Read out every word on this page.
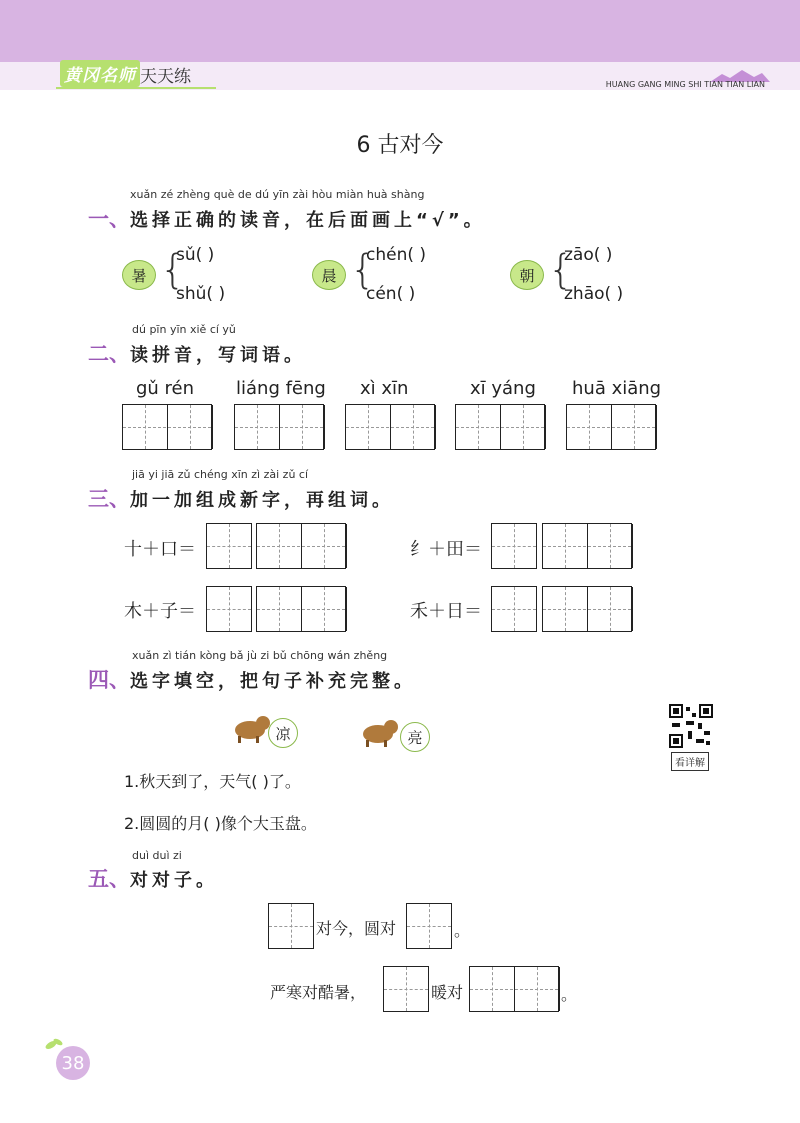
黄冈名师 天天练	HUANG GANG MING SHI TIAN TIAN LIAN
6 古对今
xuǎn zé zhèng què de dú yīn zài hòu miàn huà shàng
一、选择正确的读音，在后面画上“√”。
暑 {
sǔ( )
shǔ( )
晨 {
chén( )
cén( )
朝 {
zāo( )
zhāo( )
dú pīn yīn xiě cí yǔ
二、读拼音，写词语。
gǔ rén liáng fēng xì xīn	xī yáng huā xiāng
jiā yi jiā zǔ chéng xīn zì zài zǔ cí
三、加一加组成新字，再组词。
十＋口＝	纟＋田＝
木＋子＝	禾＋日＝
xuǎn zì tián kòng bǎ jù zi bǔ chōng wán zhěng
四、选字填空，把句子补充完整。
凉	亮
看详解
1.秋天到了，天气( )了。
2.圆圆的月( )像个大玉盘。
duì duì zi
五、对对子。
对今，圆对	。
严寒对酷暑，	暖对	。
38
